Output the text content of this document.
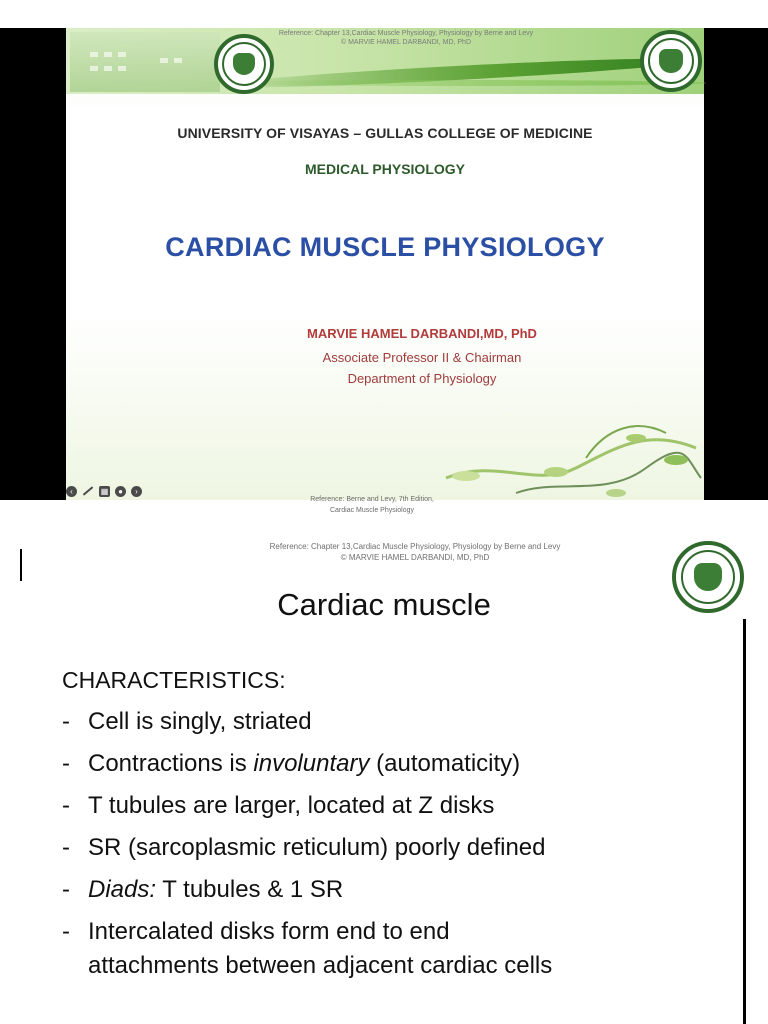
Reference: Chapter 13,Cardiac Muscle Physiology, Physiology by Berne and Levy
© MARVIE HAMEL DARBANDI, MD, PhD
UNIVERSITY OF VISAYAS – GULLAS COLLEGE OF MEDICINE
MEDICAL PHYSIOLOGY
CARDIAC MUSCLE PHYSIOLOGY
MARVIE HAMEL DARBANDI,MD, PhD
Associate Professor II & Chairman
Department of Physiology
Reference: Berne and Levy, 7th Edition,
Cardiac Muscle Physiology
‹	▦	●	›
Reference: Chapter 13,Cardiac Muscle Physiology, Physiology by Berne and Levy
© MARVIE HAMEL DARBANDI, MD, PhD
Cardiac muscle
CHARACTERISTICS:
- Cell is singly, striated
- Contractions is involuntary (automaticity)
- T tubules are larger, located at Z disks
- SR (sarcoplasmic reticulum) poorly defined
- Diads: T tubules & 1 SR
- Intercalated disks form end to end
attachments between adjacent cardiac cells
